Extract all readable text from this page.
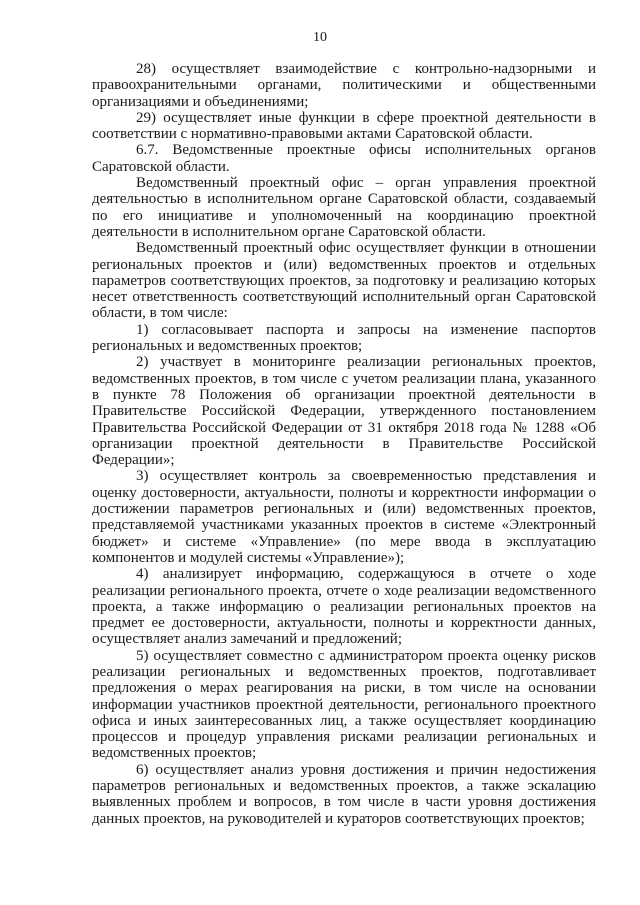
10

28) осуществляет взаимодействие с контрольно-надзорными и правоохранительными органами, политическими и общественными организациями и объединениями;

29) осуществляет иные функции в сфере проектной деятельности в соответствии с нормативно-правовыми актами Саратовской области.

6.7. Ведомственные проектные офисы исполнительных органов Саратовской области.

Ведомственный проектный офис – орган управления проектной деятельностью в исполнительном органе Саратовской области, создаваемый по его инициативе и уполномоченный на координацию проектной деятельности в исполнительном органе Саратовской области.

Ведомственный проектный офис осуществляет функции в отношении региональных проектов и (или) ведомственных проектов и отдельных параметров соответствующих проектов, за подготовку и реализацию которых несет ответственность соответствующий исполнительный орган Саратовской области, в том числе:

1) согласовывает паспорта и запросы на изменение паспортов региональных и ведомственных проектов;

2) участвует в мониторинге реализации региональных проектов, ведомственных проектов, в том числе с учетом реализации плана, указанного в пункте 78 Положения об организации проектной деятельности в Правительстве Российской Федерации, утвержденного постановлением Правительства Российской Федерации от 31 октября 2018 года № 1288 «Об организации проектной деятельности в Правительстве Российской Федерации»;

3) осуществляет контроль за своевременностью представления и оценку достоверности, актуальности, полноты и корректности информации о достижении параметров региональных и (или) ведомственных проектов, представляемой участниками указанных проектов в системе «Электронный бюджет» и системе «Управление» (по мере ввода в эксплуатацию компонентов и модулей системы «Управление»);

4) анализирует информацию, содержащуюся в отчете о ходе реализации регионального проекта, отчете о ходе реализации ведомственного проекта, а также информацию о реализации региональных проектов на предмет ее достоверности, актуальности, полноты и корректности данных, осуществляет анализ замечаний и предложений;

5) осуществляет совместно с администратором проекта оценку рисков реализации региональных и ведомственных проектов, подготавливает предложения о мерах реагирования на риски, в том числе на основании информации участников проектной деятельности, регионального проектного офиса и иных заинтересованных лиц, а также осуществляет координацию процессов и процедур управления рисками реализации региональных и ведомственных проектов;

6) осуществляет анализ уровня достижения и причин недостижения параметров региональных и ведомственных проектов, а также эскалацию выявленных проблем и вопросов, в том числе в части уровня достижения данных проектов, на руководителей и кураторов соответствующих проектов;
